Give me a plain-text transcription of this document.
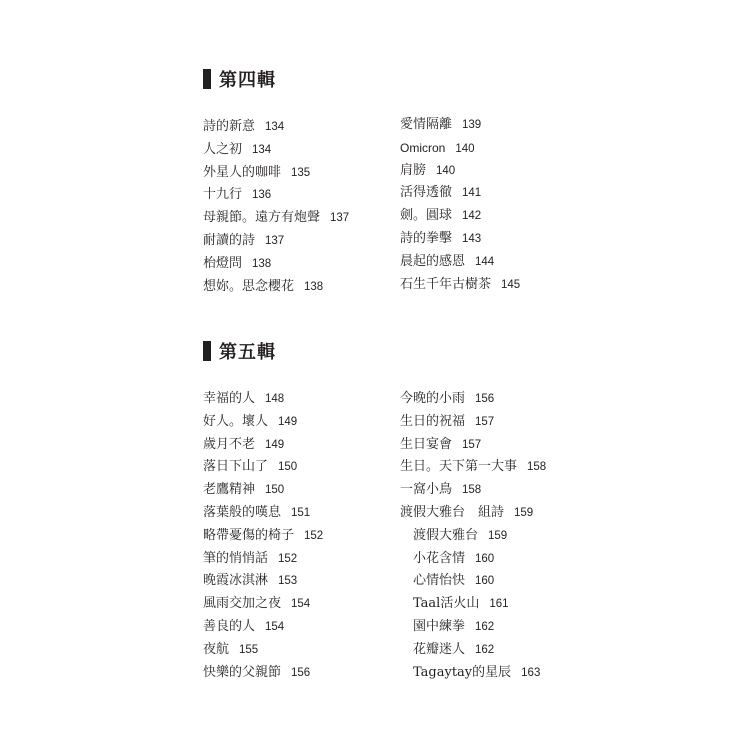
第四輯
詩的新意 134
人之初 134
外星人的咖啡 135
十九行 136
母親節。遠方有炮聲 137
耐讀的詩 137
枱燈問 138
想妳。思念櫻花 138
愛情隔離 139
Omicron 140
肩膀 140
活得透徹 141
劍。圓球 142
詩的拳擊 143
晨起的感恩 144
石生千年古樹茶 145
第五輯
幸福的人 148
好人。壞人 149
歲月不老 149
落日下山了 150
老鷹精神 150
落葉般的嘆息 151
略帶憂傷的椅子 152
筆的悄悄話 152
晚霞冰淇淋 153
風雨交加之夜 154
善良的人 154
夜航 155
快樂的父親節 156
今晚的小雨 156
生日的祝福 157
生日宴會 157
生日。天下第一大事 158
一窩小鳥 158
渡假大雅台　組詩 159
渡假大雅台 159
小花含情 160
心情怡快 160
Taal活火山 161
園中練拳 162
花瓣迷人 162
Tagaytay的星辰 163
